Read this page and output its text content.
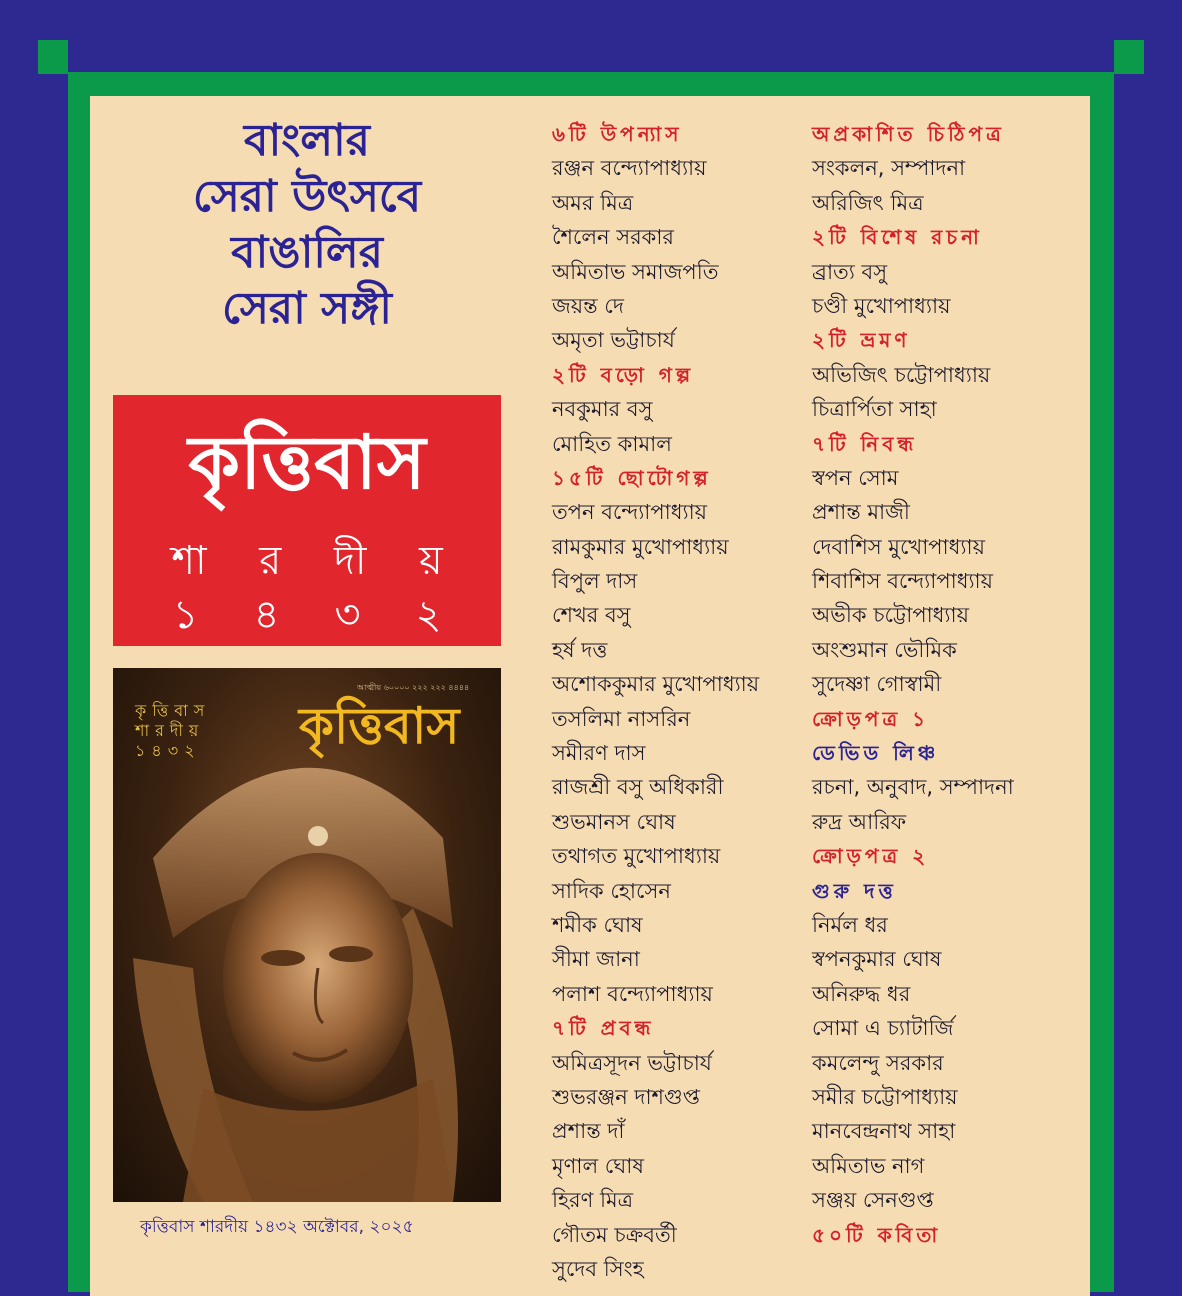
বাংলার
সেরা উৎসবে
বাঙালির
সেরা সঙ্গী
কৃত্তিবাস
শা র দী য়
১ ৪ ৩ ২
আত্মীয় ৬০০০০ ২২২ ২২২ ৪৪৪৪
কৃত্তিবাস
শারদীয়
১৪৩২ কৃত্তিবাস
কৃত্তিবাস শারদীয় ১৪৩২ অক্টোবর, ২০২৫
৬টি উপন্যাস
রঞ্জন বন্দ্যোপাধ্যায়
অমর মিত্র
শৈলেন সরকার
অমিতাভ সমাজপতি
জয়ন্ত দে
অমৃতা ভট্টাচার্য
২টি বড়ো গল্প
নবকুমার বসু
মোহিত কামাল
১৫টি ছোটোগল্প
তপন বন্দ্যোপাধ্যায়
রামকুমার মুখোপাধ্যায়
বিপুল দাস
শেখর বসু
হর্ষ দত্ত
অশোককুমার মুখোপাধ্যায়
তসলিমা নাসরিন
সমীরণ দাস
রাজশ্রী বসু অধিকারী
শুভমানস ঘোষ
তথাগত মুখোপাধ্যায়
সাদিক হোসেন
শমীক ঘোষ
সীমা জানা
পলাশ বন্দ্যোপাধ্যায়
৭টি প্রবন্ধ
অমিত্রসূদন ভট্টাচার্য
শুভরঞ্জন দাশগুপ্ত
প্রশান্ত দাঁ
মৃণাল ঘোষ
হিরণ মিত্র
গৌতম চক্রবর্তী
সুদেব সিংহ
অপ্রকাশিত চিঠিপত্র
সংকলন, সম্পাদনা
অরিজিৎ মিত্র
২টি বিশেষ রচনা
ব্রাত্য বসু
চণ্ডী মুখোপাধ্যায়
২টি ভ্রমণ
অভিজিৎ চট্টোপাধ্যায়
চিত্রার্পিতা সাহা
৭টি নিবন্ধ
স্বপন সোম
প্রশান্ত মাজী
দেবাশিস মুখোপাধ্যায়
শিবাশিস বন্দ্যোপাধ্যায়
অভীক চট্টোপাধ্যায়
অংশুমান ভৌমিক
সুদেষ্ণা গোস্বামী
ক্রোড়পত্র ১
ডেভিড লিঞ্চ
রচনা, অনুবাদ, সম্পাদনা
রুদ্র আরিফ
ক্রোড়পত্র ২
গুরু দত্ত
নির্মল ধর
স্বপনকুমার ঘোষ
অনিরুদ্ধ ধর
সোমা এ চ্যাটার্জি
কমলেন্দু সরকার
সমীর চট্টোপাধ্যায়
মানবেন্দ্রনাথ সাহা
অমিতাভ নাগ
সঞ্জয় সেনগুপ্ত
৫০টি কবিতা
